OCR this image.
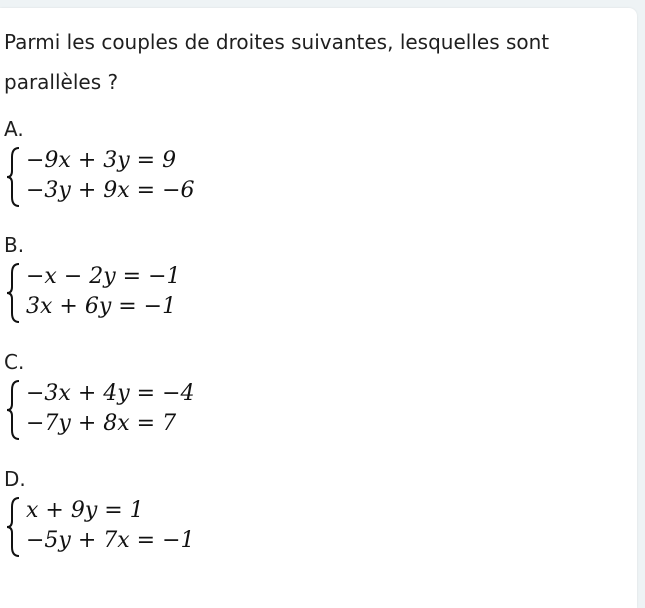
Parmi les couples de droites suivantes, lesquelles sont parallèles ?

A.
−9x + 3y = 9
−3y + 9x = −6
B.
−x − 2y = −1
3x + 6y = −1
C.
−3x + 4y = −4
−7y + 8x = 7
D.
x + 9y = 1
−5y + 7x = −1
